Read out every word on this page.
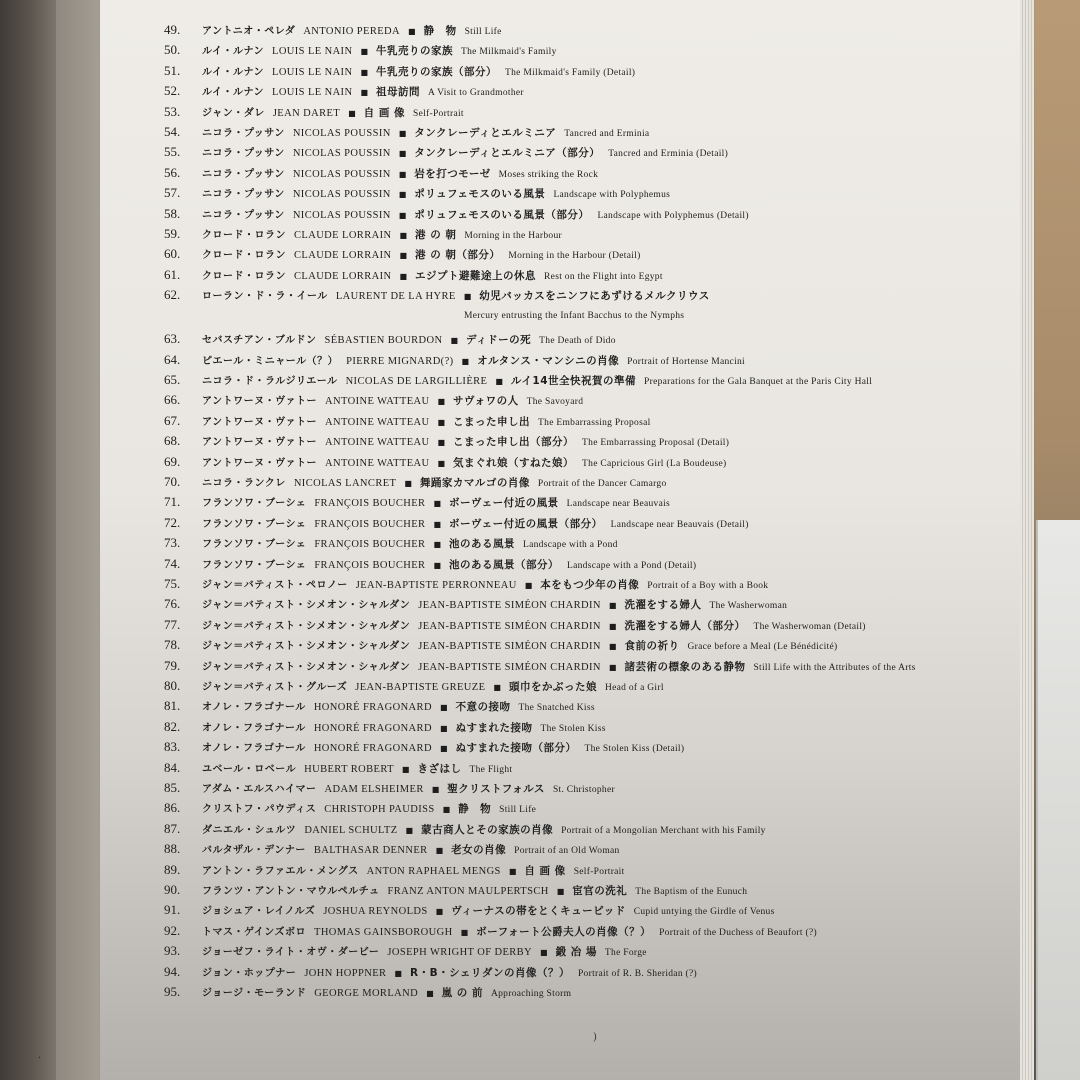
49. アントニオ・ペレダ ANTONIO PEREDA ■ 静　物 Still Life
50. ルイ・ルナン LOUIS LE NAIN ■ 牛乳売りの家族 The Milkmaid's Family
51. ルイ・ルナン LOUIS LE NAIN ■ 牛乳売りの家族（部分） The Milkmaid's Family (Detail)
52. ルイ・ルナン LOUIS LE NAIN ■ 祖母訪問 A Visit to Grandmother
53. ジャン・ダレ JEAN DARET ■ 自 画 像 Self-Portrait
54. ニコラ・プッサン NICOLAS POUSSIN ■ タンクレーディとエルミニア Tancred and Erminia
55. ニコラ・プッサン NICOLAS POUSSIN ■ タンクレーディとエルミニア（部分） Tancred and Erminia (Detail)
56. ニコラ・プッサン NICOLAS POUSSIN ■ 岩を打つモーゼ Moses striking the Rock
57. ニコラ・プッサン NICOLAS POUSSIN ■ ポリュフェモスのいる風景 Landscape with Polyphemus
58. ニコラ・プッサン NICOLAS POUSSIN ■ ポリュフェモスのいる風景（部分） Landscape with Polyphemus (Detail)
59. クロード・ロラン CLAUDE LORRAIN ■ 港 の 朝 Morning in the Harbour
60. クロード・ロラン CLAUDE LORRAIN ■ 港 の 朝（部分） Morning in the Harbour (Detail)
61. クロード・ロラン CLAUDE LORRAIN ■ エジプト避難途上の休息 Rest on the Flight into Egypt
62. ローラン・ド・ラ・イール LAURENT DE LA HYRE ■ 幼児バッカスをニンフにあずけるメルクリウス
63. セバスチアン・ブルドン SÉBASTIEN BOURDON ■ ディドーの死 The Death of Dido
64. ピエール・ミニャール（？） PIERRE MIGNARD(?) ■ オルタンス・マンシニの肖像 Portrait of Hortense Mancini
65. ニコラ・ド・ラルジリエール NICOLAS DE LARGILLIÈRE ■ ルイ14世全快祝賀の準備 Preparations for the Gala Banquet at the Paris City Hall
66. アントワーヌ・ヴァトー ANTOINE WATTEAU ■ サヴォワの人 The Savoyard
67. アントワーヌ・ヴァトー ANTOINE WATTEAU ■ こまった申し出 The Embarrassing Proposal
68. アントワーヌ・ヴァトー ANTOINE WATTEAU ■ こまった申し出（部分） The Embarrassing Proposal (Detail)
69. アントワーヌ・ヴァトー ANTOINE WATTEAU ■ 気まぐれ娘（すねた娘） The Capricious Girl (La Boudeuse)
70. ニコラ・ランクレ NICOLAS LANCRET ■ 舞踊家カマルゴの肖像 Portrait of the Dancer Camargo
71. フランソワ・ブーシェ FRANÇOIS BOUCHER ■ ボーヴェー付近の風景 Landscape near Beauvais
72. フランソワ・ブーシェ FRANÇOIS BOUCHER ■ ボーヴェー付近の風景（部分） Landscape near Beauvais (Detail)
73. フランソワ・ブーシェ FRANÇOIS BOUCHER ■ 池のある風景 Landscape with a Pond
74. フランソワ・ブーシェ FRANÇOIS BOUCHER ■ 池のある風景（部分） Landscape with a Pond (Detail)
75. ジャン＝バティスト・ペロノー JEAN-BAPTISTE PERRONNEAU ■ 本をもつ少年の肖像 Portrait of a Boy with a Book
76. ジャン＝バティスト・シメオン・シャルダン JEAN-BAPTISTE SIMÉON CHARDIN ■ 洗濯をする婦人 The Washerwoman
77. ジャン＝バティスト・シメオン・シャルダン JEAN-BAPTISTE SIMÉON CHARDIN ■ 洗濯をする婦人（部分） The Washerwoman (Detail)
78. ジャン＝バティスト・シメオン・シャルダン JEAN-BAPTISTE SIMÉON CHARDIN ■ 食前の祈り Grace before a Meal (Le Bénédicité)
79. ジャン＝バティスト・シメオン・シャルダン JEAN-BAPTISTE SIMÉON CHARDIN ■ 諸芸術の標象のある静物 Still Life with the Attributes of the Arts
80. ジャン＝バティスト・グルーズ JEAN-BAPTISTE GREUZE ■ 頭巾をかぶった娘 Head of a Girl
81. オノレ・フラゴナール HONORÉ FRAGONARD ■ 不意の接吻 The Snatched Kiss
82. オノレ・フラゴナール HONORÉ FRAGONARD ■ ぬすまれた接吻 The Stolen Kiss
83. オノレ・フラゴナール HONORÉ FRAGONARD ■ ぬすまれた接吻（部分） The Stolen Kiss (Detail)
84. ユベール・ロベール HUBERT ROBERT ■ きざはし The Flight
85. アダム・エルスハイマー ADAM ELSHEIMER ■ 聖クリストフォルス St. Christopher
86. クリストフ・パウディス CHRISTOPH PAUDISS ■ 静　物 Still Life
87. ダニエル・シュルツ DANIEL SCHULTZ ■ 蒙古商人とその家族の肖像 Portrait of a Mongolian Merchant with his Family
88. バルタザル・デンナー BALTHASAR DENNER ■ 老女の肖像 Portrait of an Old Woman
89. アントン・ラファエル・メングス ANTON RAPHAEL MENGS ■ 自 画 像 Self-Portrait
90. フランツ・アントン・マウルペルチュ FRANZ ANTON MAULPERTSCH ■ 宦官の洗礼 The Baptism of the Eunuch
91. ジョシュア・レイノルズ JOSHUA REYNOLDS ■ ヴィーナスの帯をとくキューピッド Cupid untying the Girdle of Venus
92. トマス・ゲインズボロ THOMAS GAINSBOROUGH ■ ボーフォート公爵夫人の肖像（？） Portrait of the Duchess of Beaufort (?)
93. ジョーゼフ・ライト・オヴ・ダービー JOSEPH WRIGHT OF DERBY ■ 鍛 冶 場 The Forge
94. ジョン・ホップナー JOHN HOPPNER ■ R・B・シェリダンの肖像（？） Portrait of R. B. Sheridan (?)
95. ジョージ・モーランド GEORGE MORLAND ■ 嵐 の 前 Approaching Storm
Mercury entrusting the Infant Bacchus to the Nymphs
)
.
